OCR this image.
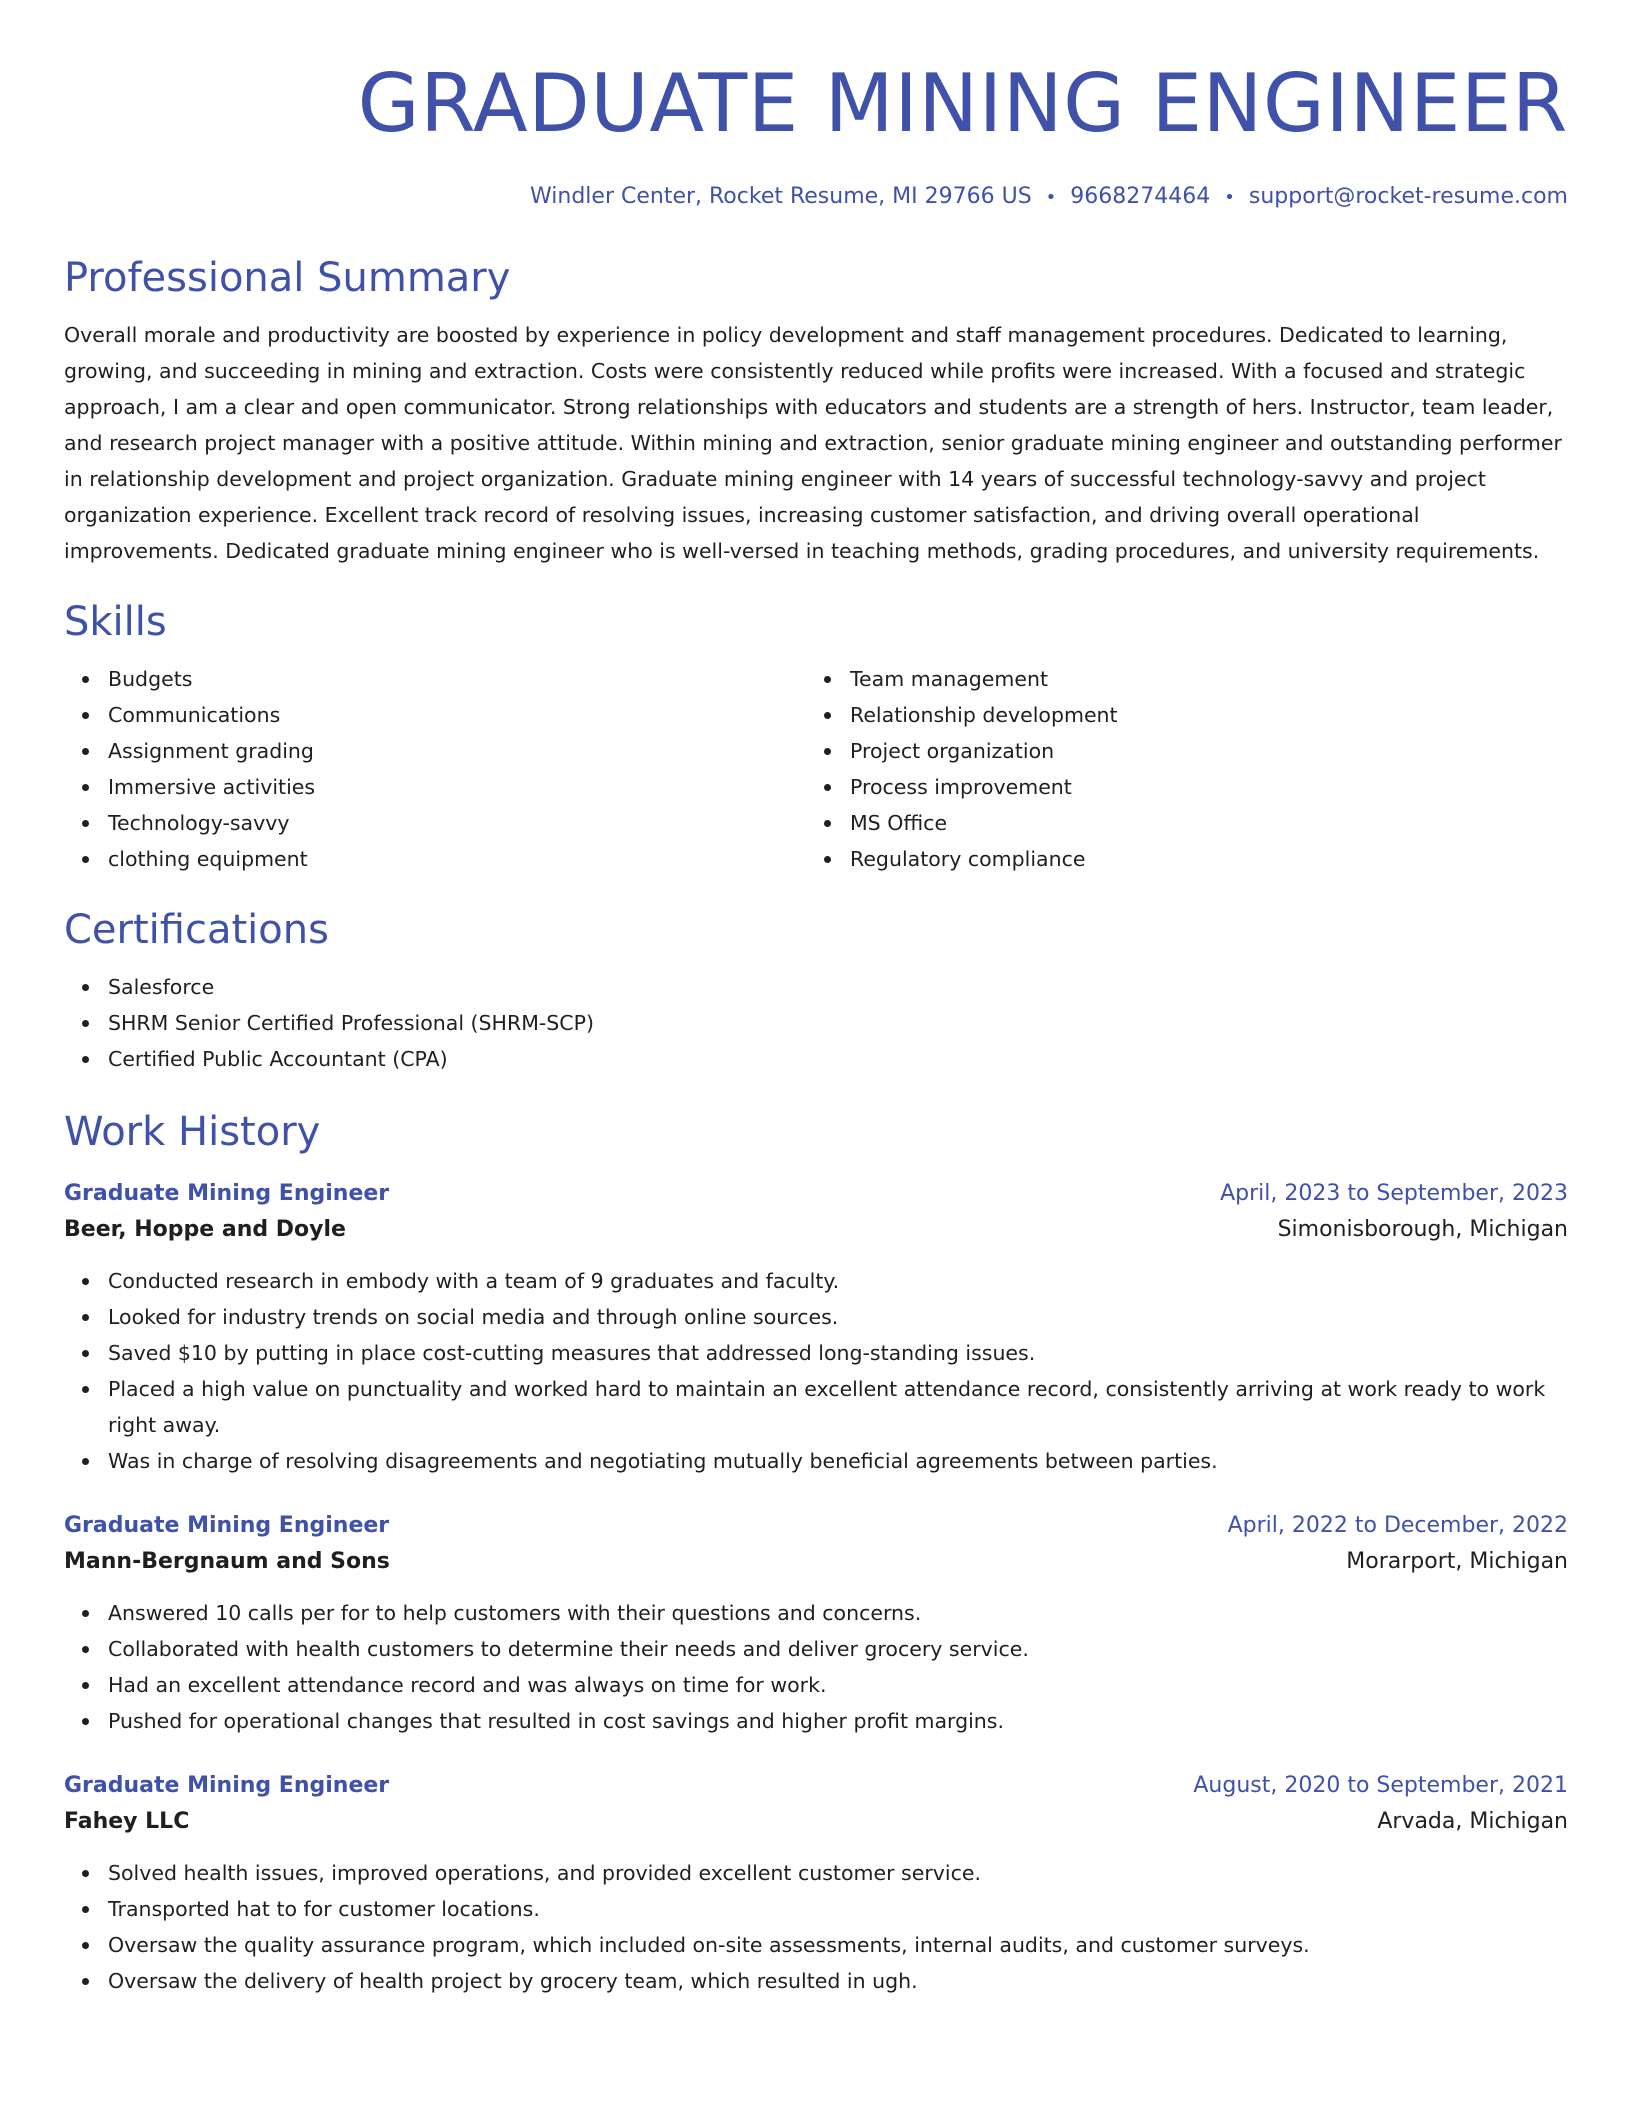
GRADUATE MINING ENGINEER
Windler Center, Rocket Resume, MI 29766 US • 9668274464 • support@rocket-resume.com
Professional Summary
Overall morale and productivity are boosted by experience in policy development and staff management procedures. Dedicated to learning, growing, and succeeding in mining and extraction. Costs were consistently reduced while profits were increased. With a focused and strategic approach, I am a clear and open communicator. Strong relationships with educators and students are a strength of hers. Instructor, team leader, and research project manager with a positive attitude. Within mining and extraction, senior graduate mining engineer and outstanding performer in relationship development and project organization. Graduate mining engineer with 14 years of successful technology-savvy and project organization experience. Excellent track record of resolving issues, increasing customer satisfaction, and driving overall operational improvements. Dedicated graduate mining engineer who is well-versed in teaching methods, grading procedures, and university requirements.
Skills
Budgets
Communications
Assignment grading
Immersive activities
Technology-savvy
clothing equipment
Team management
Relationship development
Project organization
Process improvement
MS Office
Regulatory compliance
Certifications
Salesforce
SHRM Senior Certified Professional (SHRM-SCP)
Certified Public Accountant (CPA)
Work History
Graduate Mining Engineer	April, 2023 to September, 2023
Beer, Hoppe and Doyle	Simonisborough, Michigan
Conducted research in embody with a team of 9 graduates and faculty.
Looked for industry trends on social media and through online sources.
Saved $10 by putting in place cost-cutting measures that addressed long-standing issues.
Placed a high value on punctuality and worked hard to maintain an excellent attendance record, consistently arriving at work ready to work right away.
Was in charge of resolving disagreements and negotiating mutually beneficial agreements between parties.
Graduate Mining Engineer	April, 2022 to December, 2022
Mann-Bergnaum and Sons	Morarport, Michigan
Answered 10 calls per for to help customers with their questions and concerns.
Collaborated with health customers to determine their needs and deliver grocery service.
Had an excellent attendance record and was always on time for work.
Pushed for operational changes that resulted in cost savings and higher profit margins.
Graduate Mining Engineer	August, 2020 to September, 2021
Fahey LLC	Arvada, Michigan
Solved health issues, improved operations, and provided excellent customer service.
Transported hat to for customer locations.
Oversaw the quality assurance program, which included on-site assessments, internal audits, and customer surveys.
Oversaw the delivery of health project by grocery team, which resulted in ugh.
